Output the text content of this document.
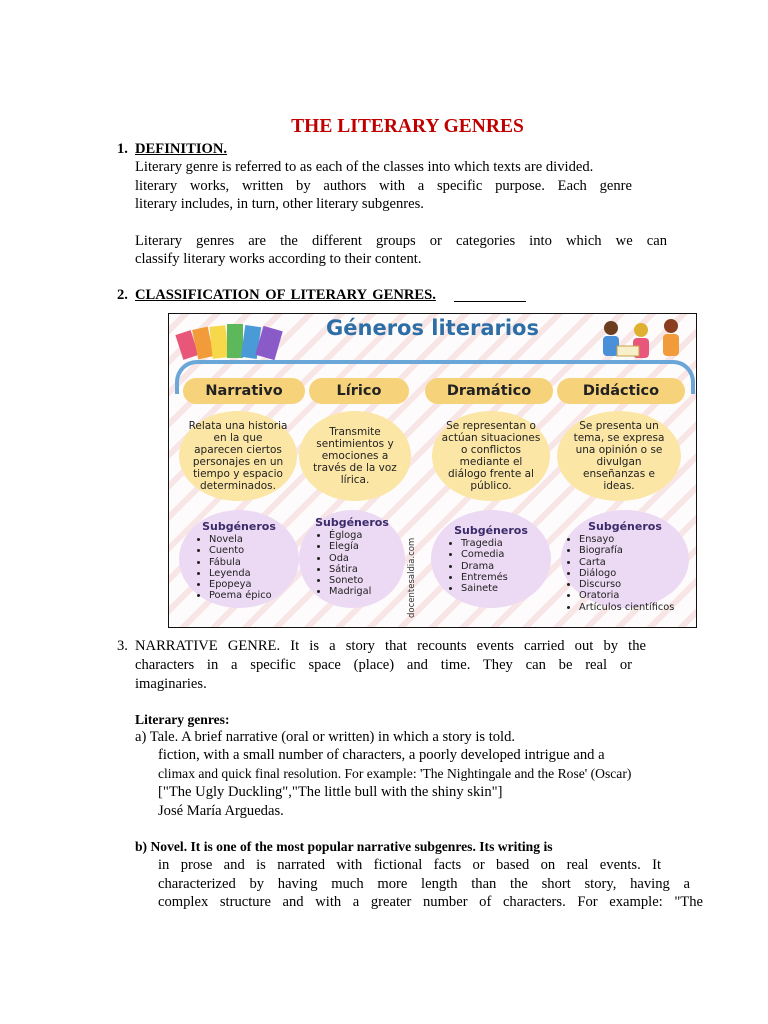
THE LITERARY GENRES
1. DEFINITION.
Literary genre is referred to as each of the classes into which texts are divided.
literary works, written by authors with a specific purpose. Each genre
literary includes, in turn, other literary subgenres.
Literary genres are the different groups or categories into which we can
classify literary works according to their content.
2. CLASSIFICATION OF LITERARY GENRES.
Géneros literarios
Narrativo	Lírico	Dramático	Didáctico
Relata una historia en la que aparecen ciertos personajes en un tiempo y espacio determinados.
Transmite sentimientos y emociones a través de la voz lírica.
Se representan o actúan situaciones o conflictos mediante el diálogo frente al público.
Se presenta un tema, se expresa una opinión o se divulgan enseñanzas e ideas.
Subgéneros
• Novela
• Cuento
• Fábula
• Leyenda
• Epopeya
• Poema épico
Subgéneros
• Égloga
• Elegía
• Oda
• Sátira
• Soneto
• Madrigal	docentesaldia.com
Subgéneros
• Tragedia
• Comedia
• Drama
• Entremés
• Sainete
Subgéneros
• Ensayo
• Biografía
• Carta
• Diálogo
• Discurso
• Oratoria
• Artículos científicos
3. NARRATIVE GENRE. It is a story that recounts events carried out by the
characters in a specific space (place) and time. They can be real or
imaginaries.
Literary genres:
a) Tale. A brief narrative (oral or written) in which a story is told.
fiction, with a small number of characters, a poorly developed intrigue and a
climax and quick final resolution. For example: 'The Nightingale and the Rose' (Oscar)
["The Ugly Duckling","The little bull with the shiny skin"]
José María Arguedas.
b) Novel. It is one of the most popular narrative subgenres. Its writing is
in prose and is narrated with fictional facts or based on real events. It
characterized by having much more length than the short story, having a
complex structure and with a greater number of characters. For example: "The
